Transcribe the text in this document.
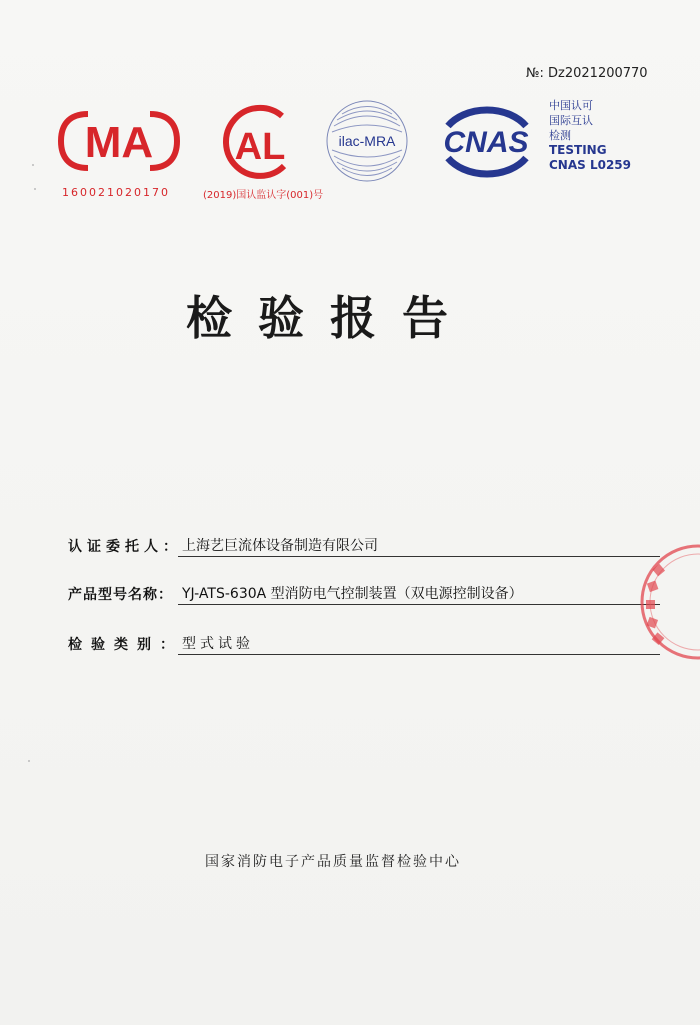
№: Dz2021200770
MA
160021020170
AL
(2019)国认监认字(001)号
ilac-MRA CNAS
中国认可
国际互认
检测
TESTING
CNAS L0259
检验报告
认证委托人： 上海艺巨流体设备制造有限公司
产品型号名称： YJ-ATS-630A 型消防电气控制装置（双电源控制设备）
检验类别： 型式试验
国家消防电子产品质量监督检验中心
